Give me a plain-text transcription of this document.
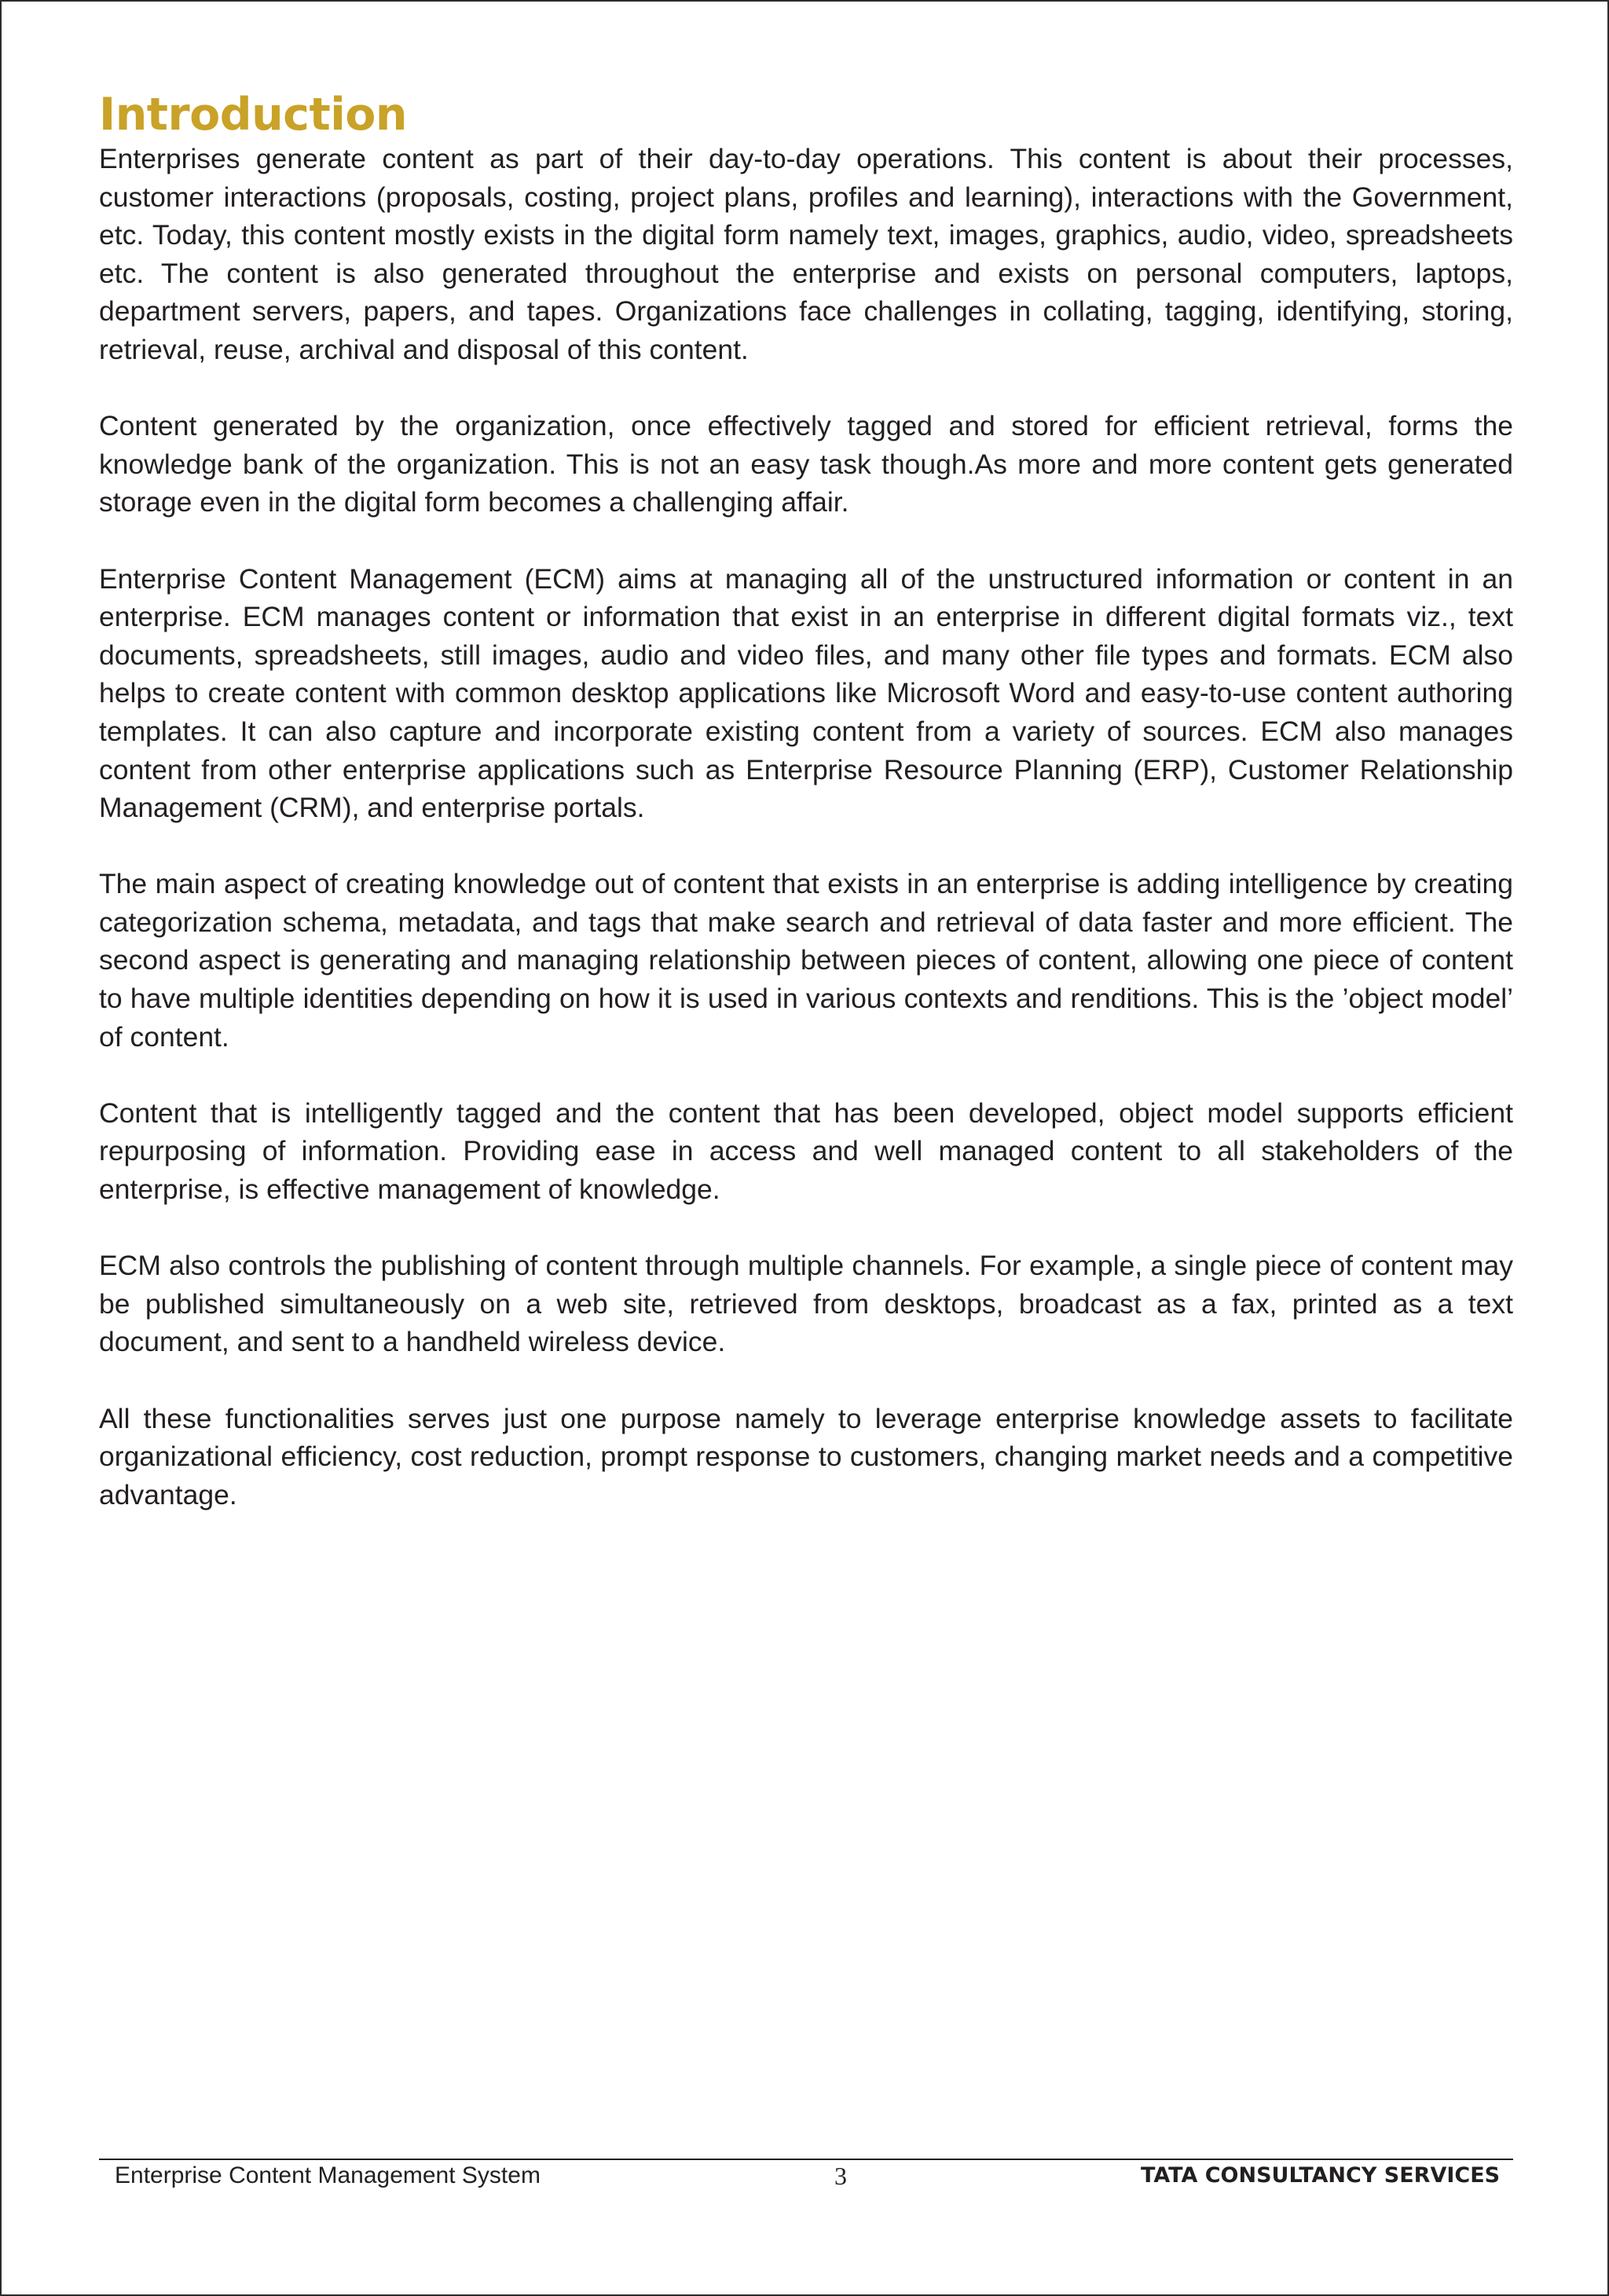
Introduction

Enterprises generate content as part of their day-to-day operations. This content is about their processes, customer interactions (proposals, costing, project plans, profiles and learning), interactions with the Government, etc. Today, this content mostly exists in the digital form namely text, images, graphics, audio, video, spreadsheets etc. The content is also generated throughout the enterprise and exists on personal computers, laptops, department servers, papers, and tapes. Organizations face challenges in collating, tagging, identifying, storing, retrieval, reuse, archival and disposal of this content.

Content generated by the organization, once effectively tagged and stored for efficient retrieval, forms the knowledge bank of the organization. This is not an easy task though.As more and more content gets generated storage even in the digital form becomes a challenging affair.

Enterprise Content Management (ECM) aims at managing all of the unstructured information or content in an enterprise. ECM manages content or information that exist in an enterprise in different digital formats viz., text documents, spreadsheets, still images, audio and video files, and many other file types and formats. ECM also helps to create content with common desktop applications like Microsoft Word and easy-to-use content authoring templates. It can also capture and incorporate existing content from a variety of sources. ECM also manages content from other enterprise applications such as Enterprise Resource Planning (ERP), Customer Relationship Management (CRM), and enterprise portals.

The main aspect of creating knowledge out of content that exists in an enterprise is adding intelligence by creating categorization schema, metadata, and tags that make search and retrieval of data faster and more efficient. The second aspect is generating and managing relationship between pieces of content, allowing one piece of content to have multiple identities depending on how it is used in various contexts and renditions. This is the ’object model’ of content.

Content that is intelligently tagged and the content that has been developed, object model supports efficient repurposing of information. Providing ease in access and well managed content to all stakeholders of the enterprise, is effective management of knowledge.

ECM also controls the publishing of content through multiple channels. For example, a single piece of content may be published simultaneously on a web site, retrieved from desktops, broadcast as a fax, printed as a text document, and sent to a handheld wireless device.

All these functionalities serves just one purpose namely to leverage enterprise knowledge assets to facilitate organizational efficiency, cost reduction, prompt response to customers, changing market needs and a competitive advantage.

Enterprise Content Management System	3	TATA CONSULTANCY SERVICES
